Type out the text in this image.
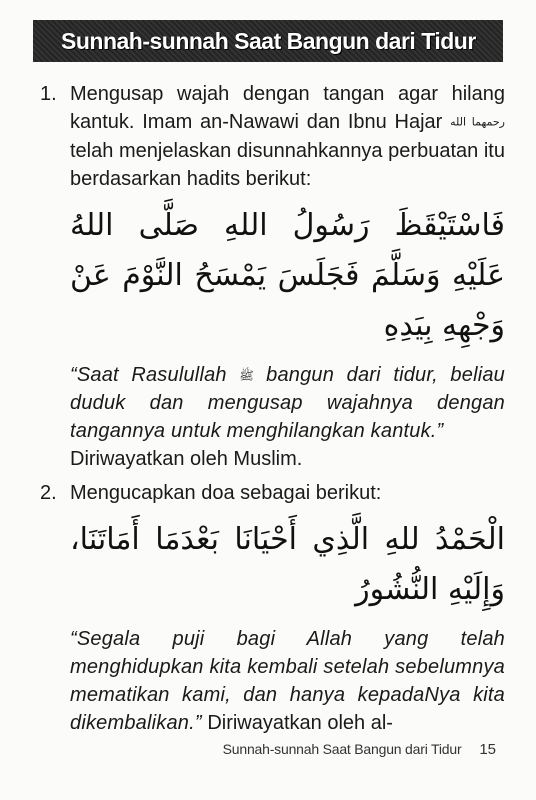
Sunnah-sunnah Saat Bangun dari Tidur
1. Mengusap wajah dengan tangan agar hilang kantuk. Imam an-Nawawi dan Ibnu Hajar رحمهما الله telah menjelaskan disunnahkannya perbuatan itu berdasarkan hadits berikut:
فَاسْتَيْقَظَ رَسُولُ اللهِ صَلَّى اللهُ عَلَيْهِ وَسَلَّمَ فَجَلَسَ يَمْسَحُ النَّوْمَ عَنْ وَجْهِهِ بِيَدِهِ
“Saat Rasulullah ﷺ bangun dari tidur, beliau duduk dan mengusap wajahnya dengan tangannya untuk menghilangkan kantuk.”
Diriwayatkan oleh Muslim.
2. Mengucapkan doa sebagai berikut:
الْحَمْدُ للهِ الَّذِي أَحْيَانَا بَعْدَمَا أَمَاتَنَا، وَإِلَيْهِ النُّشُورُ
“Segala puji bagi Allah yang telah menghidupkan kita kembali setelah sebelumnya mematikan kami, dan hanya kepadaNya kita dikembalikan.” Diriwayatkan oleh al-
Sunnah-sunnah Saat Bangun dari Tidur 15
